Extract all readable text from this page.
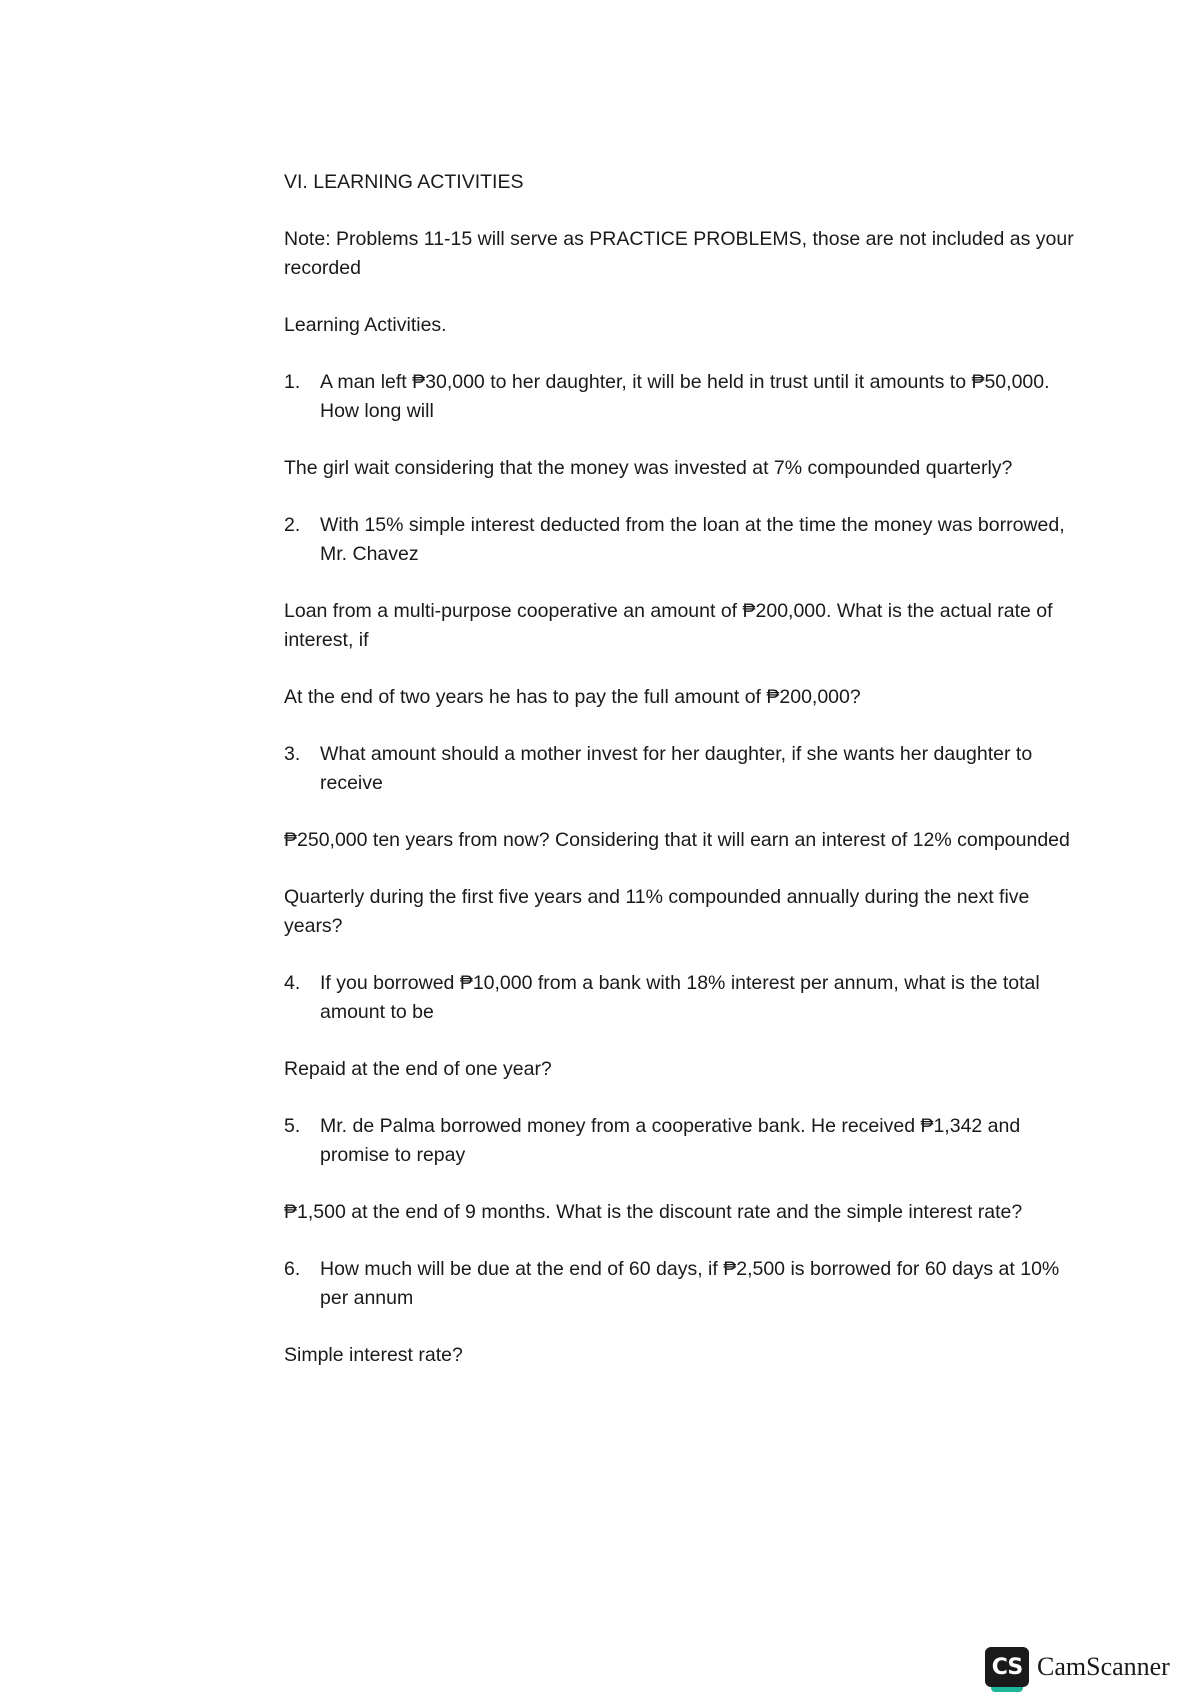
VI. LEARNING ACTIVITIES
Note: Problems 11-15 will serve as PRACTICE PROBLEMS, those are not included as your recorded
Learning Activities.
1.	A man left ₱30,000 to her daughter, it will be held in trust until it amounts to ₱50,000. How long will
The girl wait considering that the money was invested at 7% compounded quarterly?
2.	With 15% simple interest deducted from the loan at the time the money was borrowed, Mr. Chavez
Loan from a multi-purpose cooperative an amount of ₱200,000. What is the actual rate of interest, if
At the end of two years he has to pay the full amount of ₱200,000?
3.	What amount should a mother invest for her daughter, if she wants her daughter to receive
₱250,000 ten years from now? Considering that it will earn an interest of 12% compounded
Quarterly during the first five years and 11% compounded annually during the next five years?
4.	If you borrowed ₱10,000 from a bank with 18% interest per annum, what is the total amount to be
Repaid at the end of one year?
5.	Mr. de Palma borrowed money from a cooperative bank. He received ₱1,342 and promise to repay
₱1,500 at the end of 9 months. What is the discount rate and the simple interest rate?
6.	How much will be due at the end of 60 days, if ₱2,500 is borrowed for 60 days at 10% per annum
Simple interest rate?
CS CamScanner
